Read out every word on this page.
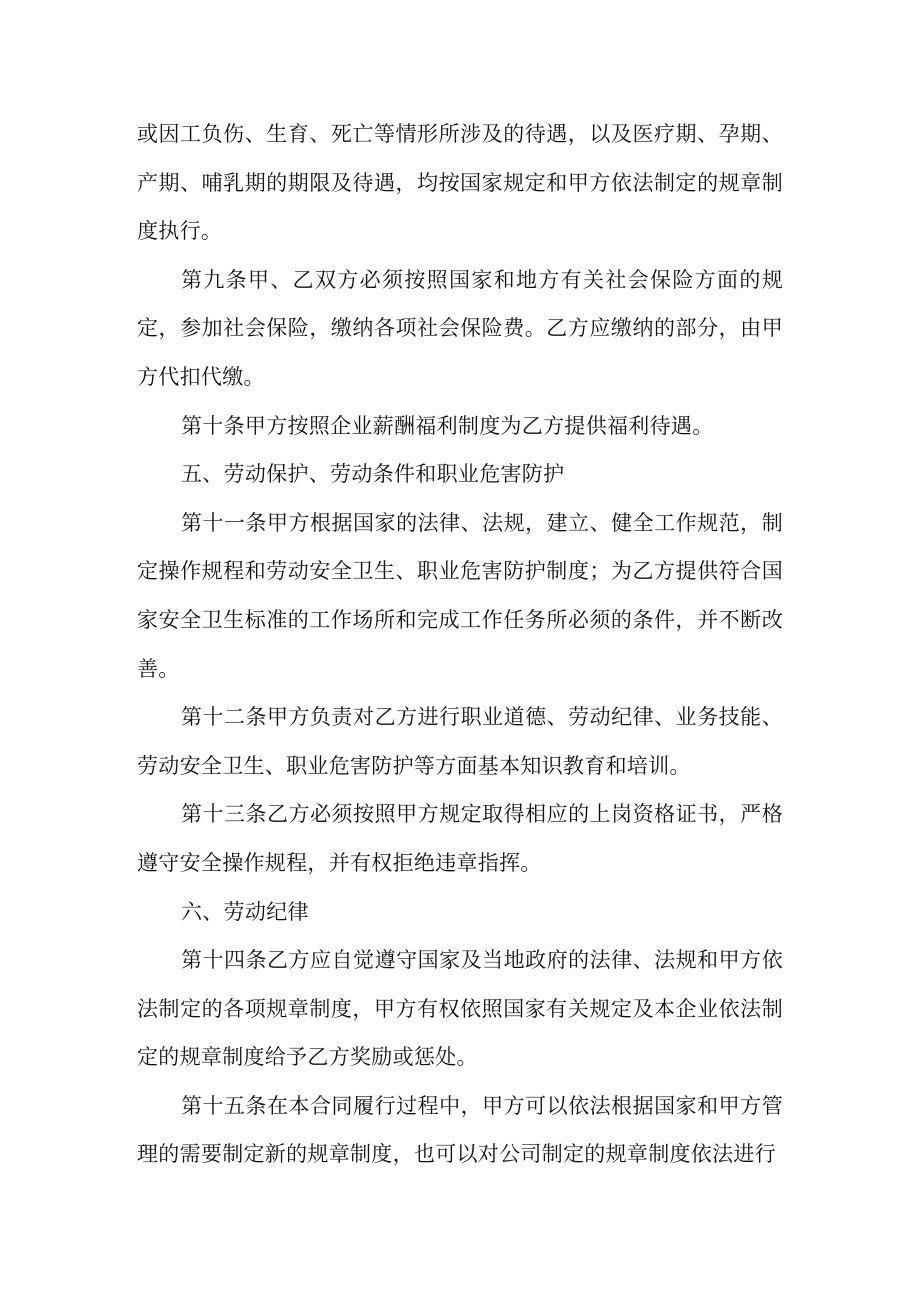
或因工负伤、生育、死亡等情形所涉及的待遇，以及医疗期、孕期、产期、哺乳期的期限及待遇，均按国家规定和甲方依法制定的规章制度执行。

第九条甲、乙双方必须按照国家和地方有关社会保险方面的规定，参加社会保险，缴纳各项社会保险费。乙方应缴纳的部分，由甲方代扣代缴。

第十条甲方按照企业薪酬福利制度为乙方提供福利待遇。

五、劳动保护、劳动条件和职业危害防护

第十一条甲方根据国家的法律、法规，建立、健全工作规范，制定操作规程和劳动安全卫生、职业危害防护制度；为乙方提供符合国家安全卫生标准的工作场所和完成工作任务所必须的条件，并不断改善。

第十二条甲方负责对乙方进行职业道德、劳动纪律、业务技能、劳动安全卫生、职业危害防护等方面基本知识教育和培训。

第十三条乙方必须按照甲方规定取得相应的上岗资格证书，严格遵守安全操作规程，并有权拒绝违章指挥。

六、劳动纪律

第十四条乙方应自觉遵守国家及当地政府的法律、法规和甲方依法制定的各项规章制度，甲方有权依照国家有关规定及本企业依法制定的规章制度给予乙方奖励或惩处。

第十五条在本合同履行过程中，甲方可以依法根据国家和甲方管理的需要制定新的规章制度，也可以对公司制定的规章制度依法进行
